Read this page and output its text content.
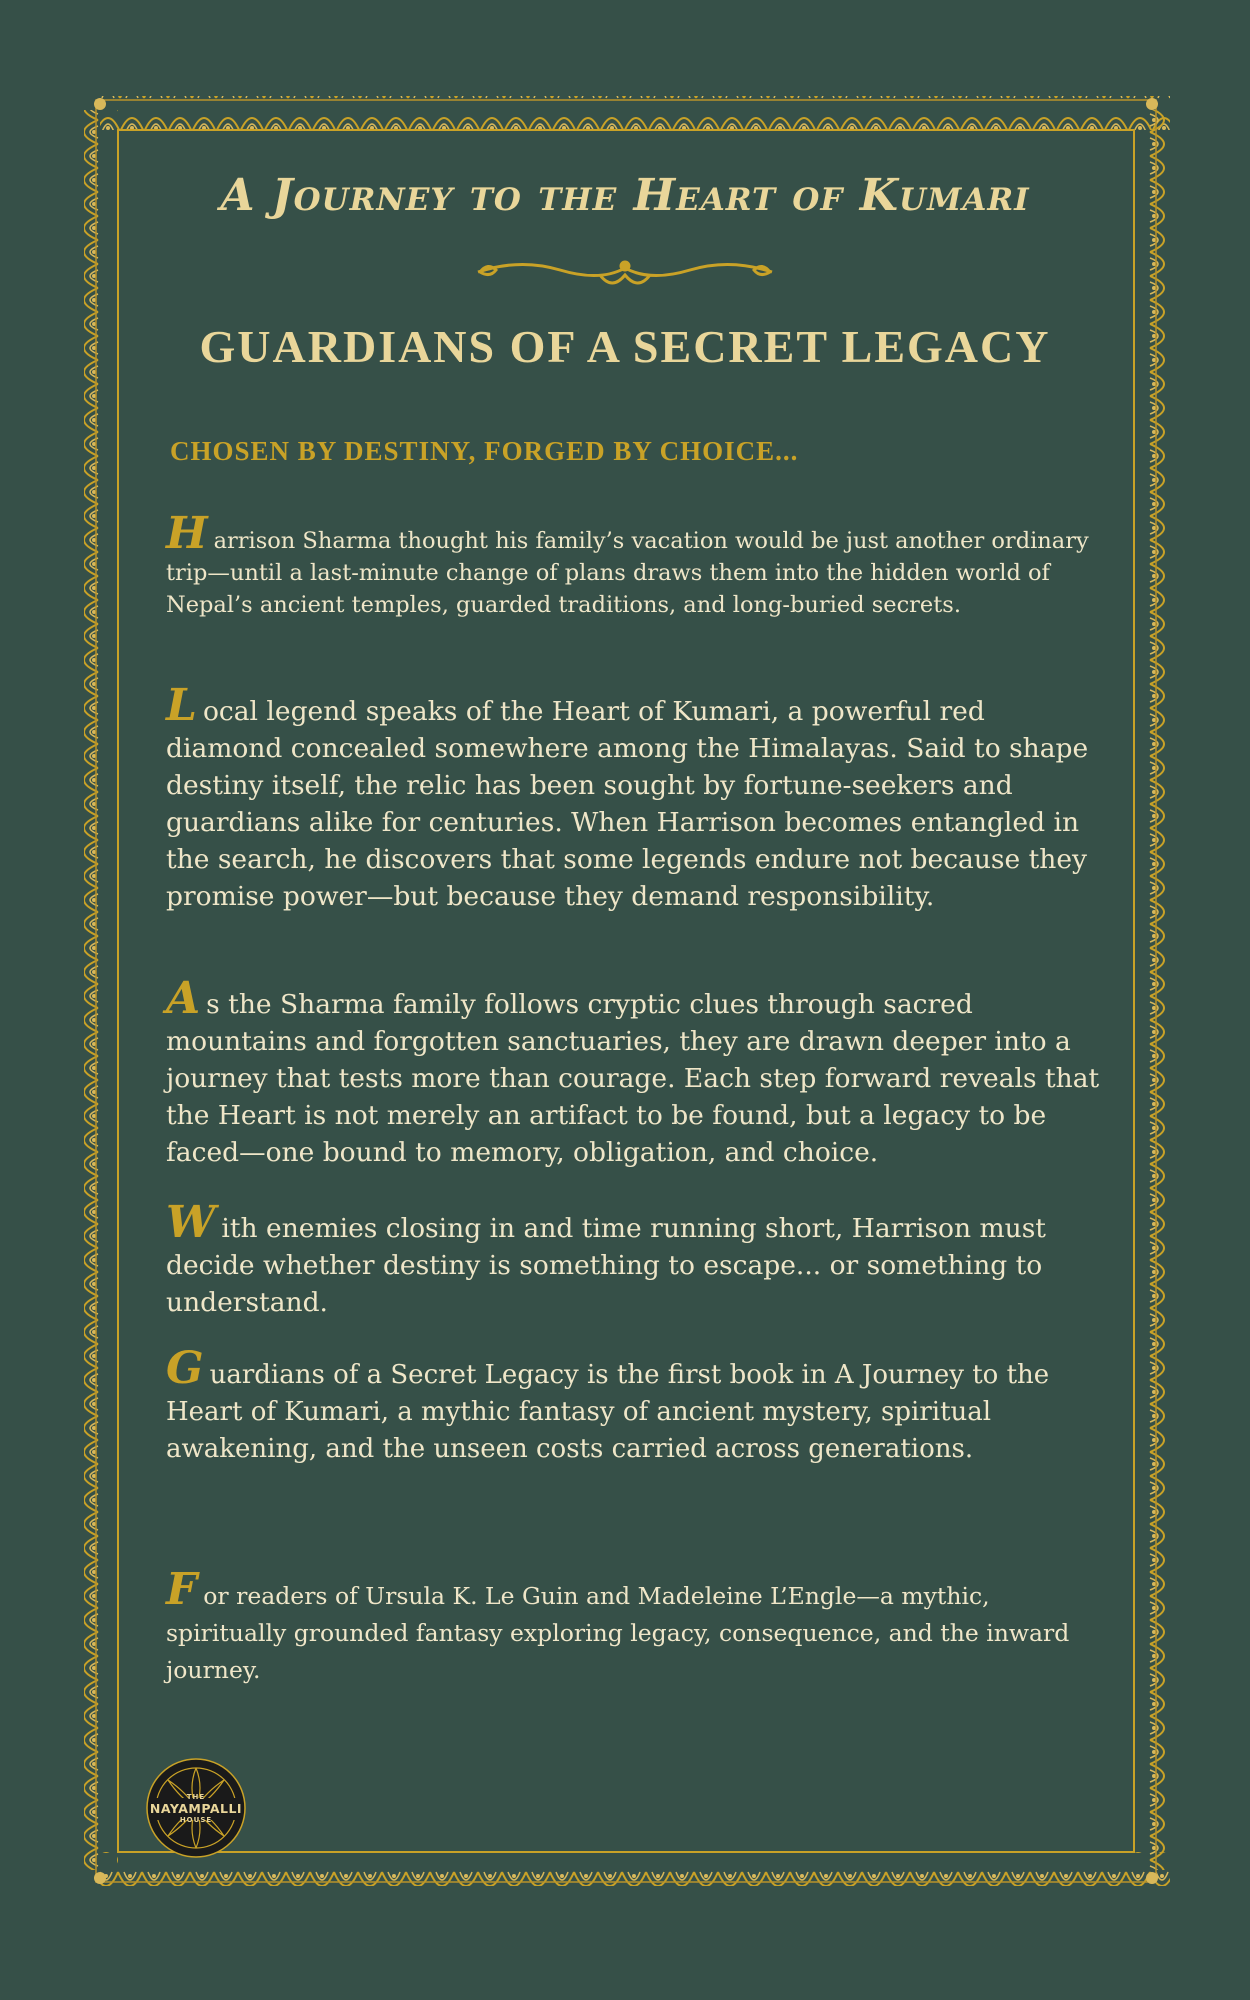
A Journey to the Heart of Kumari
GUARDIANS OF A SECRET LEGACY

CHOSEN BY DESTINY, FORGED BY CHOICE...

Harrison Sharma thought his family’s vacation would be just another ordinary trip—until a last-minute change of plans draws them into the hidden world of Nepal’s ancient temples, guarded traditions, and long-buried secrets.

Local legend speaks of the Heart of Kumari, a powerful red diamond concealed somewhere among the Himalayas. Said to shape destiny itself, the relic has been sought by fortune-seekers and guardians alike for centuries. When Harrison becomes entangled in the search, he discovers that some legends endure not because they promise power—but because they demand responsibility.

As the Sharma family follows cryptic clues through sacred mountains and forgotten sanctuaries, they are drawn deeper into a journey that tests more than courage. Each step forward reveals that the Heart is not merely an artifact to be found, but a legacy to be faced—one bound to memory, obligation, and choice.

With enemies closing in and time running short, Harrison must decide whether destiny is something to escape... or something to understand.

Guardians of a Secret Legacy is the first book in A Journey to the Heart of Kumari, a mythic fantasy of ancient mystery, spiritual awakening, and the unseen costs carried across generations.

For readers of Ursula K. Le Guin and Madeleine L’Engle—a mythic, spiritually grounded fantasy exploring legacy, consequence, and the inward journey.

THE
NAYAMPALLI
HOUSE
